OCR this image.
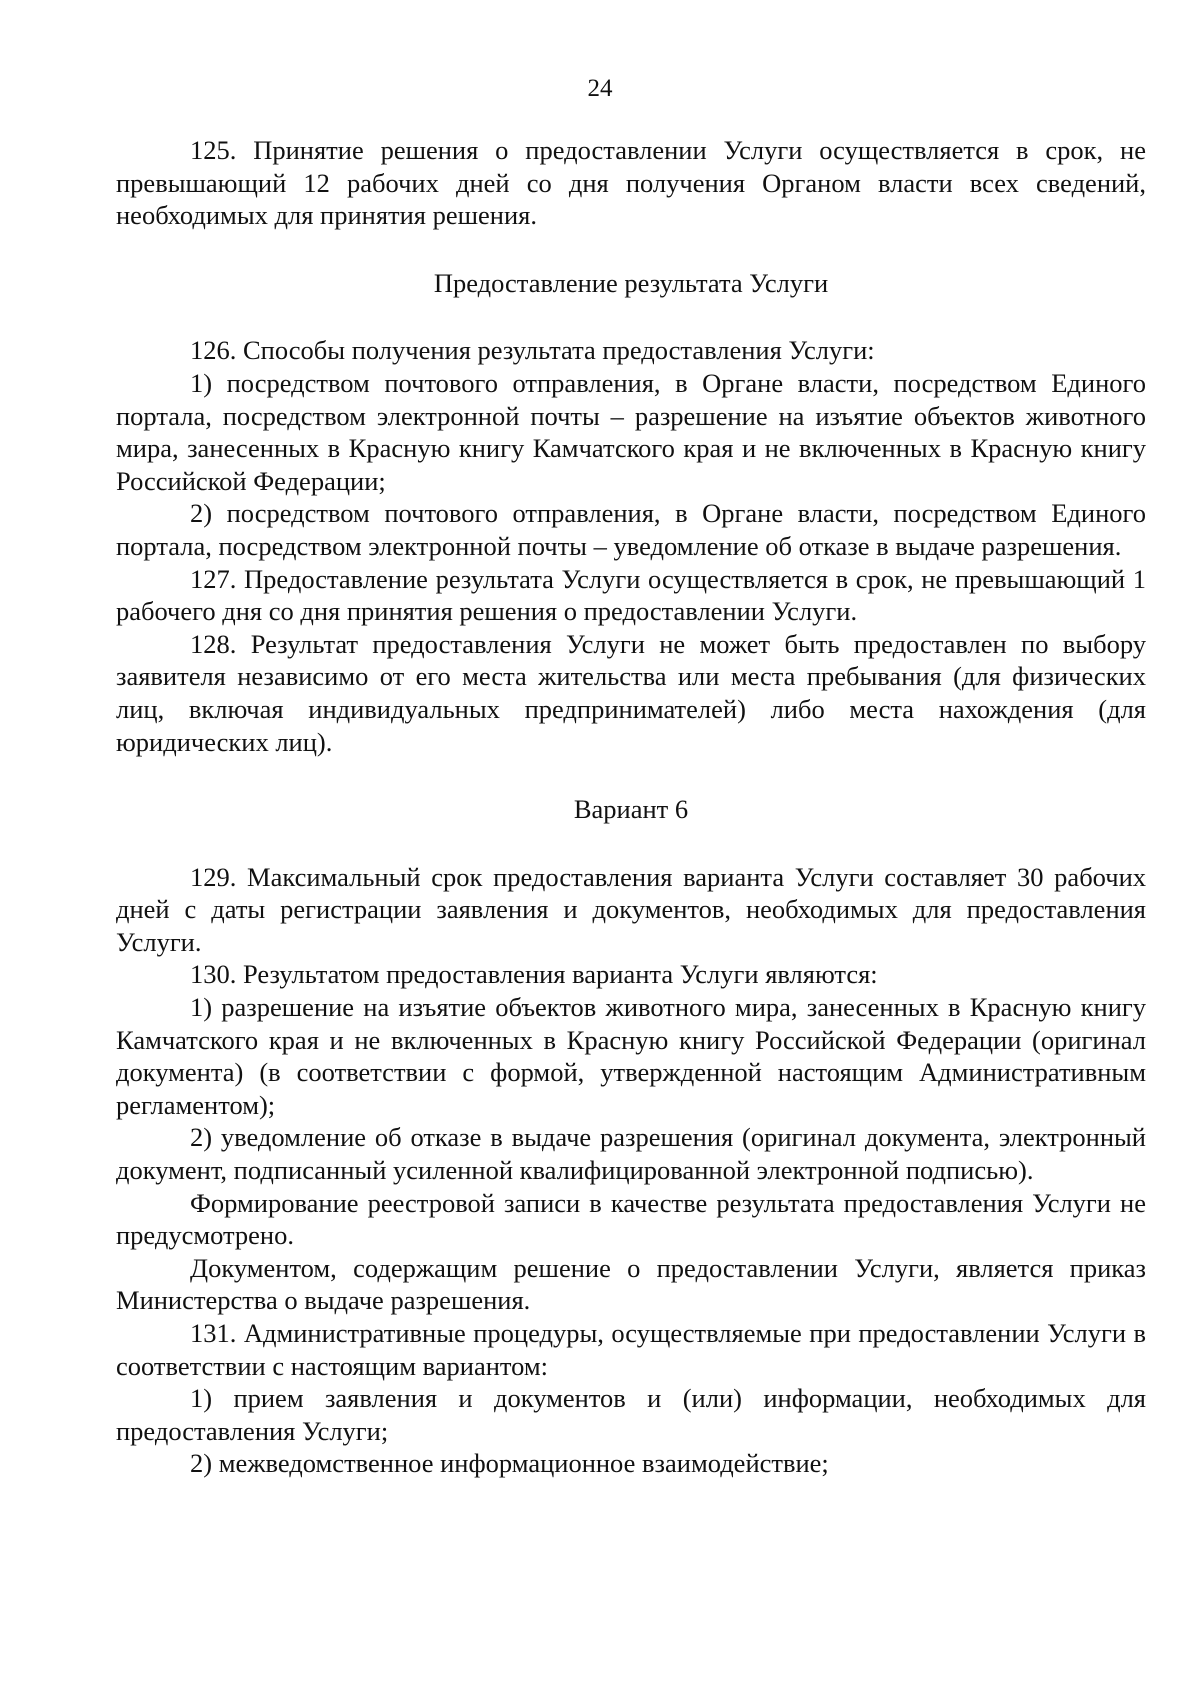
24

125. Принятие решения о предоставлении Услуги осуществляется в срок, не превышающий 12 рабочих дней со дня получения Органом власти всех сведений, необходимых для принятия решения.

Предоставление результата Услуги

126. Способы получения результата предоставления Услуги:

1) посредством почтового отправления, в Органе власти, посредством Единого портала, посредством электронной почты – разрешение на изъятие объектов животного мира, занесенных в Красную книгу Камчатского края и не включенных в Красную книгу Российской Федерации;

2) посредством почтового отправления, в Органе власти, посредством Единого портала, посредством электронной почты – уведомление об отказе в выдаче разрешения.

127. Предоставление результата Услуги осуществляется в срок, не превышающий 1 рабочего дня со дня принятия решения о предоставлении Услуги.

128. Результат предоставления Услуги не может быть предоставлен по выбору заявителя независимо от его места жительства или места пребывания (для физических лиц, включая индивидуальных предпринимателей) либо места нахождения (для юридических лиц).

Вариант 6

129. Максимальный срок предоставления варианта Услуги составляет 30 рабочих дней с даты регистрации заявления и документов, необходимых для предоставления Услуги.

130. Результатом предоставления варианта Услуги являются:

1) разрешение на изъятие объектов животного мира, занесенных в Красную книгу Камчатского края и не включенных в Красную книгу Российской Федерации (оригинал документа) (в соответствии с формой, утвержденной настоящим Административным регламентом);

2) уведомление об отказе в выдаче разрешения (оригинал документа, электронный документ, подписанный усиленной квалифицированной электронной подписью).

Формирование реестровой записи в качестве результата предоставления Услуги не предусмотрено.

Документом, содержащим решение о предоставлении Услуги, является приказ Министерства о выдаче разрешения.

131. Административные процедуры, осуществляемые при предоставлении Услуги в соответствии с настоящим вариантом:

1) прием заявления и документов и (или) информации, необходимых для предоставления Услуги;

2) межведомственное информационное взаимодействие;
